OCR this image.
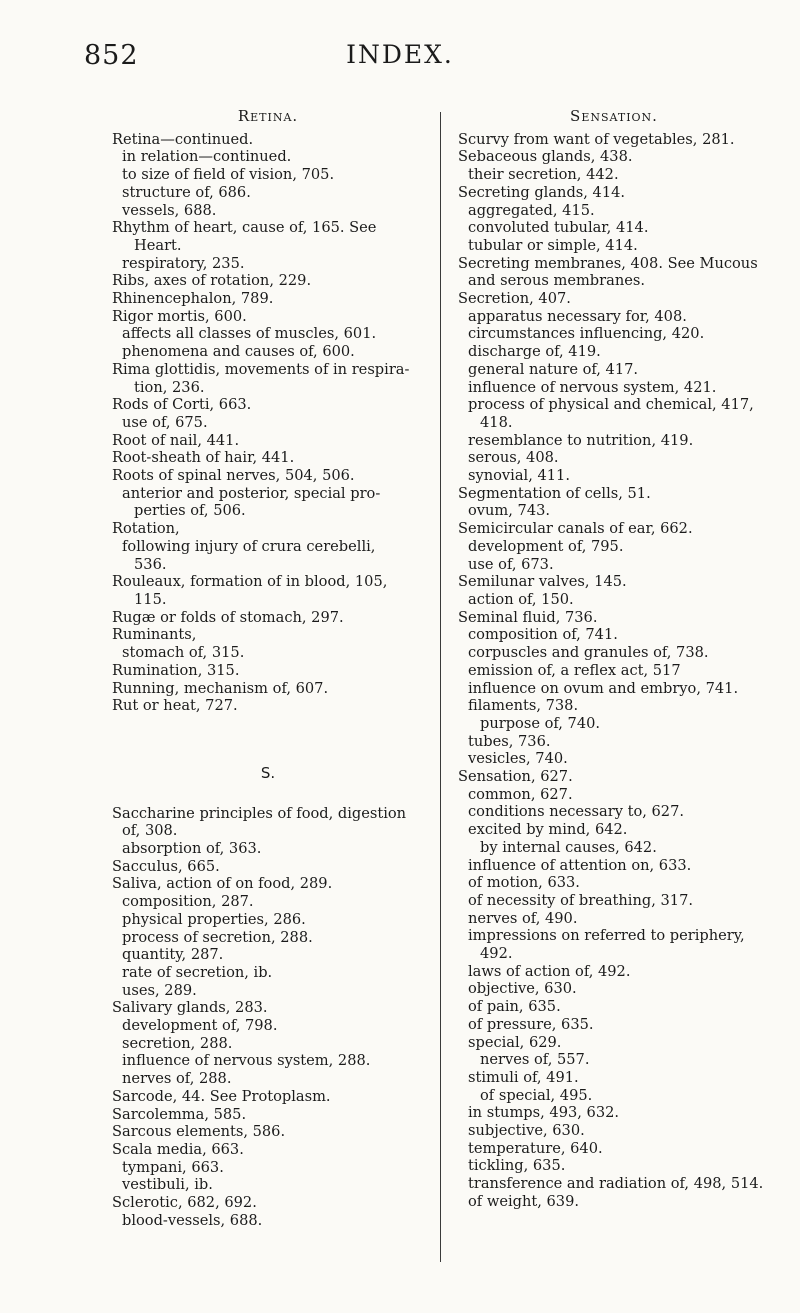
852	INDEX.
Retina.
Retina—continued.
in relation—continued.
to size of field of vision, 705.
structure of, 686.
vessels, 688.
Rhythm of heart, cause of, 165. See
Heart.
respiratory, 235.
Ribs, axes of rotation, 229.
Rhinencephalon, 789.
Rigor mortis, 600.
affects all classes of muscles, 601.
phenomena and causes of, 600.
Rima glottidis, movements of in respira-
tion, 236.
Rods of Corti, 663.
use of, 675.
Root of nail, 441.
Root-sheath of hair, 441.
Roots of spinal nerves, 504, 506.
anterior and posterior, special pro-
perties of, 506.
Rotation,
following injury of crura cerebelli,
536.
Rouleaux, formation of in blood, 105,
115.
Rugæ or folds of stomach, 297.
Ruminants,
stomach of, 315.
Rumination, 315.
Running, mechanism of, 607.
Rut or heat, 727.
S.
Saccharine principles of food, digestion
of, 308.
absorption of, 363.
Sacculus, 665.
Saliva, action of on food, 289.
composition, 287.
physical properties, 286.
process of secretion, 288.
quantity, 287.
rate of secretion, ib.
uses, 289.
Salivary glands, 283.
development of, 798.
secretion, 288.
influence of nervous system, 288.
nerves of, 288.
Sarcode, 44. See Protoplasm.
Sarcolemma, 585.
Sarcous elements, 586.
Scala media, 663.
tympani, 663.
vestibuli, ib.
Sclerotic, 682, 692.
blood-vessels, 688.
Sensation.
Scurvy from want of vegetables, 281.
Sebaceous glands, 438.
their secretion, 442.
Secreting glands, 414.
aggregated, 415.
convoluted tubular, 414.
tubular or simple, 414.
Secreting membranes, 408. See Mucous
and serous membranes.
Secretion, 407.
apparatus necessary for, 408.
circumstances influencing, 420.
discharge of, 419.
general nature of, 417.
influence of nervous system, 421.
process of physical and chemical, 417,
418.
resemblance to nutrition, 419.
serous, 408.
synovial, 411.
Segmentation of cells, 51.
ovum, 743.
Semicircular canals of ear, 662.
development of, 795.
use of, 673.
Semilunar valves, 145.
action of, 150.
Seminal fluid, 736.
composition of, 741.
corpuscles and granules of, 738.
emission of, a reflex act, 517
influence on ovum and embryo, 741.
filaments, 738.
purpose of, 740.
tubes, 736.
vesicles, 740.
Sensation, 627.
common, 627.
conditions necessary to, 627.
excited by mind, 642.
by internal causes, 642.
influence of attention on, 633.
of motion, 633.
of necessity of breathing, 317.
nerves of, 490.
impressions on referred to periphery,
492.
laws of action of, 492.
objective, 630.
of pain, 635.
of pressure, 635.
special, 629.
nerves of, 557.
stimuli of, 491.
of special, 495.
in stumps, 493, 632.
subjective, 630.
temperature, 640.
tickling, 635.
transference and radiation of, 498, 514.
of weight, 639.
